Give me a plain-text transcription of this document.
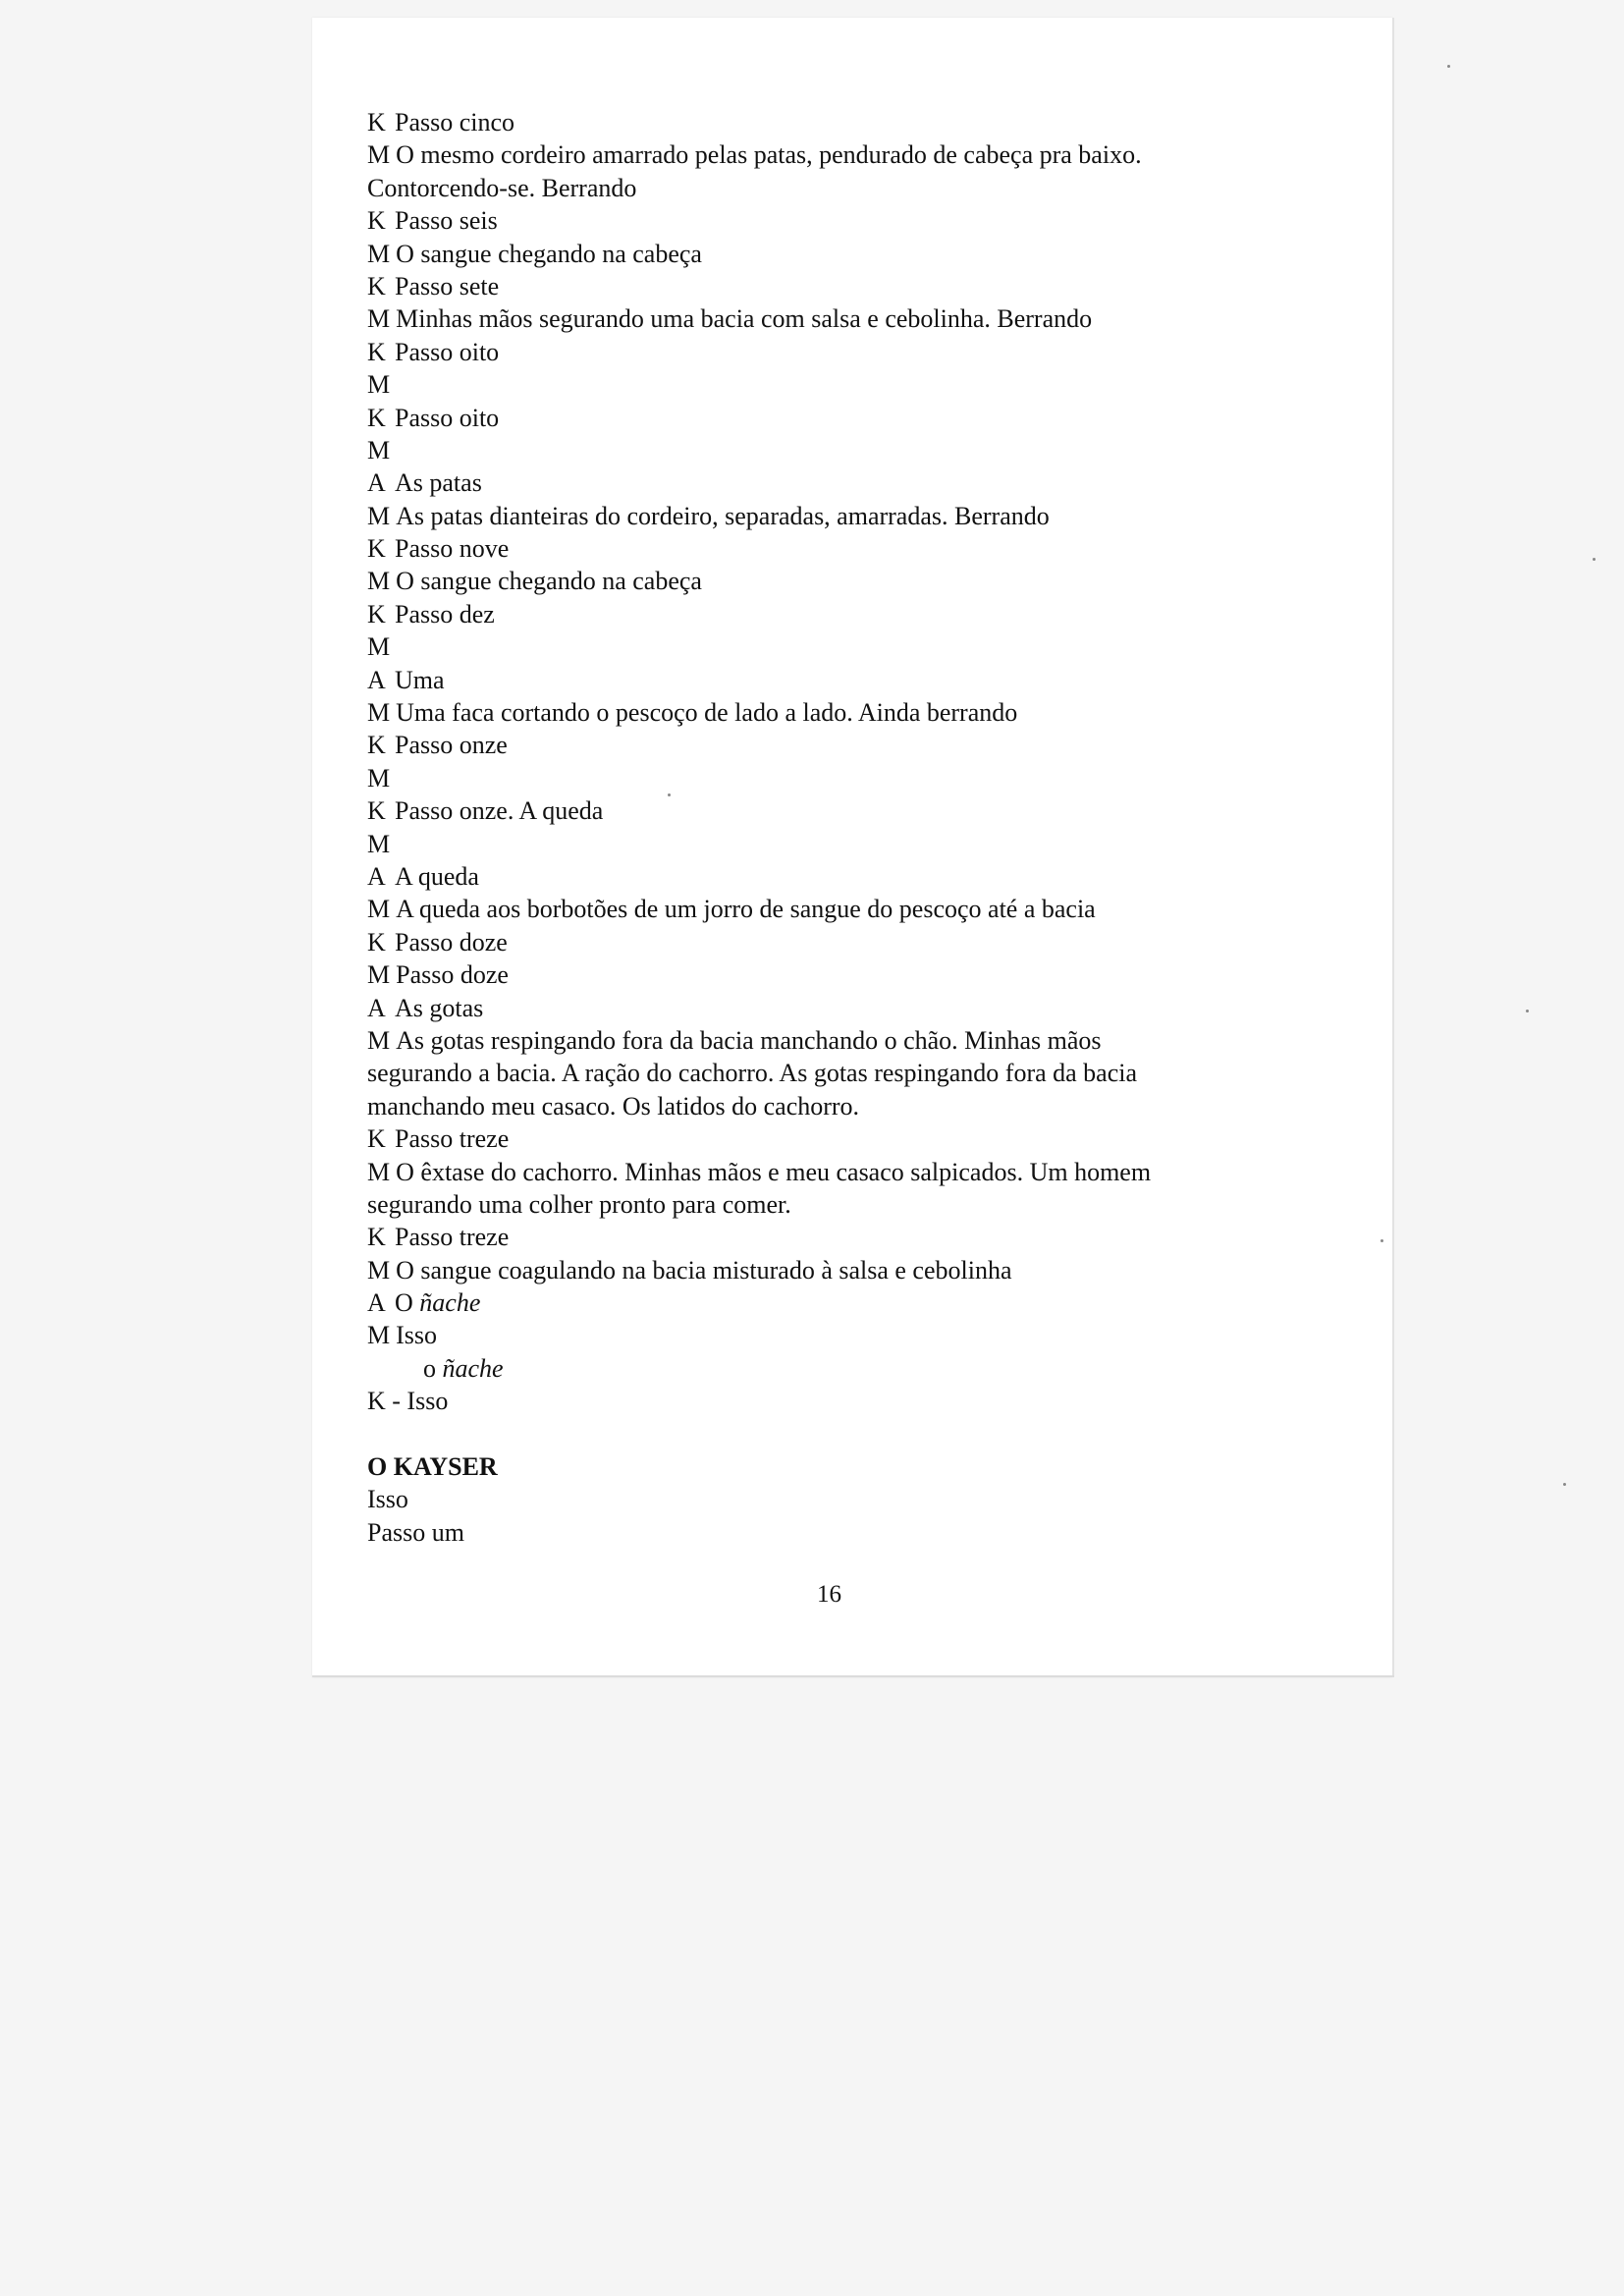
K Passo cinco
M O mesmo cordeiro amarrado pelas patas, pendurado de cabeça pra baixo.
Contorcendo-se. Berrando
K Passo seis
M O sangue chegando na cabeça
K Passo sete
M Minhas mãos segurando uma bacia com salsa e cebolinha. Berrando
K Passo oito
M
K Passo oito
M
A As patas
M As patas dianteiras do cordeiro, separadas, amarradas. Berrando
K Passo nove
M O sangue chegando na cabeça
K Passo dez
M
A Uma
M Uma faca cortando o pescoço de lado a lado. Ainda berrando
K Passo onze
M
K Passo onze. A queda
M
A A queda
M A queda aos borbotões de um jorro de sangue do pescoço até a bacia
K Passo doze
M Passo doze
A As gotas
M As gotas respingando fora da bacia manchando o chão. Minhas mãos
segurando a bacia. A ração do cachorro. As gotas respingando fora da bacia
manchando meu casaco. Os latidos do cachorro.
K Passo treze
M O êxtase do cachorro. Minhas mãos e meu casaco salpicados. Um homem
segurando uma colher pronto para comer.
K Passo treze
M O sangue coagulando na bacia misturado à salsa e cebolinha
A O ñache
M Isso
o ñache
K - Isso
O KAYSER
Isso
Passo um
16
